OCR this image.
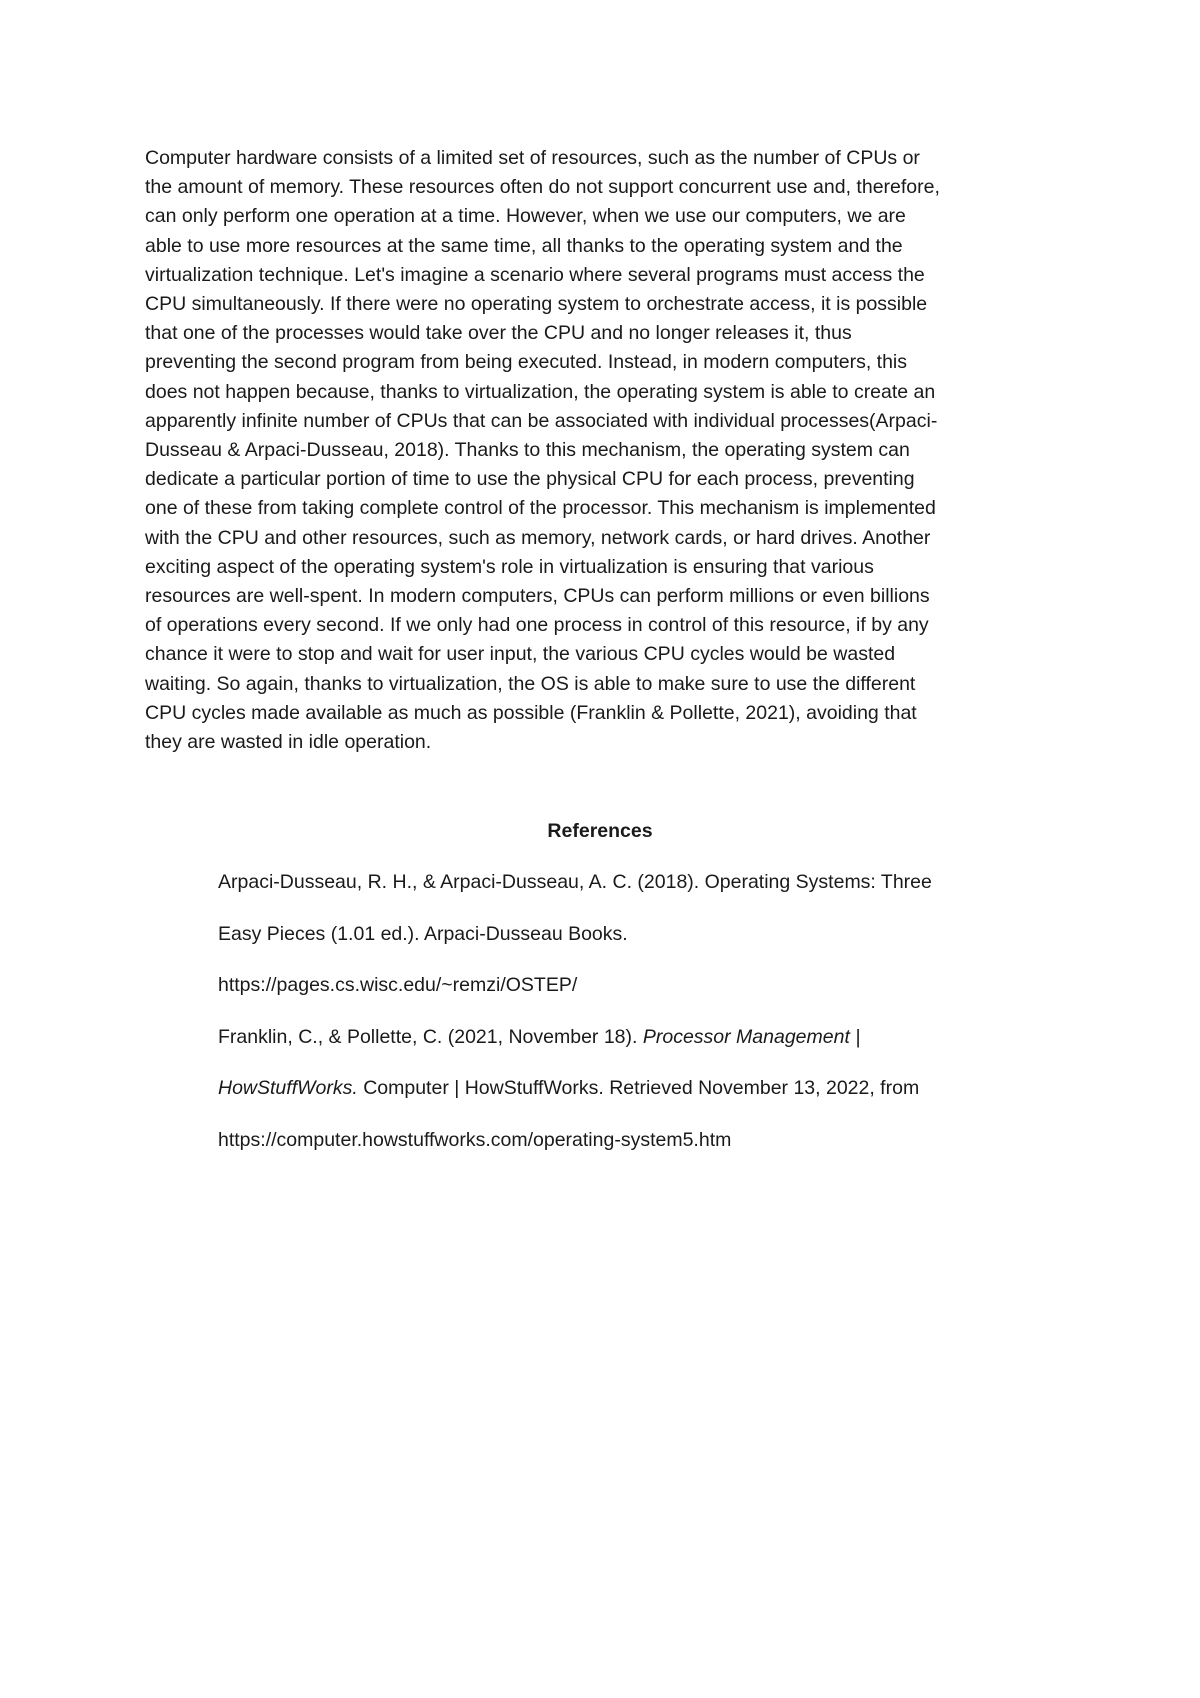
Computer hardware consists of a limited set of resources, such as the number of CPUs or
the amount of memory. These resources often do not support concurrent use and, therefore,
can only perform one operation at a time. However, when we use our computers, we are
able to use more resources at the same time, all thanks to the operating system and the
virtualization technique. Let's imagine a scenario where several programs must access the
CPU simultaneously. If there were no operating system to orchestrate access, it is possible
that one of the processes would take over the CPU and no longer releases it, thus
preventing the second program from being executed. Instead, in modern computers, this
does not happen because, thanks to virtualization, the operating system is able to create an
apparently infinite number of CPUs that can be associated with individual processes(Arpaci-
Dusseau & Arpaci-Dusseau, 2018). Thanks to this mechanism, the operating system can
dedicate a particular portion of time to use the physical CPU for each process, preventing
one of these from taking complete control of the processor. This mechanism is implemented
with the CPU and other resources, such as memory, network cards, or hard drives. Another
exciting aspect of the operating system's role in virtualization is ensuring that various
resources are well-spent. In modern computers, CPUs can perform millions or even billions
of operations every second. If we only had one process in control of this resource, if by any
chance it were to stop and wait for user input, the various CPU cycles would be wasted
waiting. So again, thanks to virtualization, the OS is able to make sure to use the different
CPU cycles made available as much as possible (Franklin & Pollette, 2021), avoiding that
they are wasted in idle operation.

References
Arpaci-Dusseau, R. H., & Arpaci-Dusseau, A. C. (2018). Operating Systems: Three
Easy Pieces (1.01 ed.). Arpaci-Dusseau Books.
https://pages.cs.wisc.edu/~remzi/OSTEP/
Franklin, C., & Pollette, C. (2021, November 18). Processor Management |
HowStuffWorks. Computer | HowStuffWorks. Retrieved November 13, 2022, from
https://computer.howstuffworks.com/operating-system5.htm
